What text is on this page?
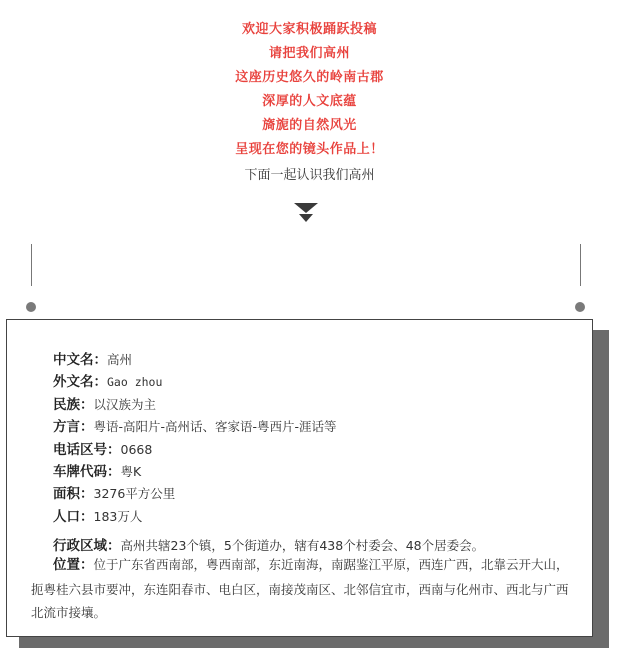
欢迎大家积极踊跃投稿
请把我们高州
这座历史悠久的岭南古郡
深厚的人文底蕴
旖旎的自然风光
呈现在您的镜头作品上！
下面一起认识我们高州
中文名：高州
外文名：Gao zhou
民族：以汉族为主
方言：粤语-高阳片-高州话、客家语-粤西片-涯话等
电话区号：0668
车牌代码：粤K
面积：3276平方公里
人口：183万人
行政区域：高州共辖23个镇，5个街道办，辖有438个村委会、48个居委会。
位置：位于广东省西南部，粤西南部，东近南海，南踞鉴江平原，西连广西，北靠云开大山，扼粤桂六县市要冲，东连阳春市、电白区，南接茂南区、北邻信宜市，西南与化州市、西北与广西北流市接壤。
